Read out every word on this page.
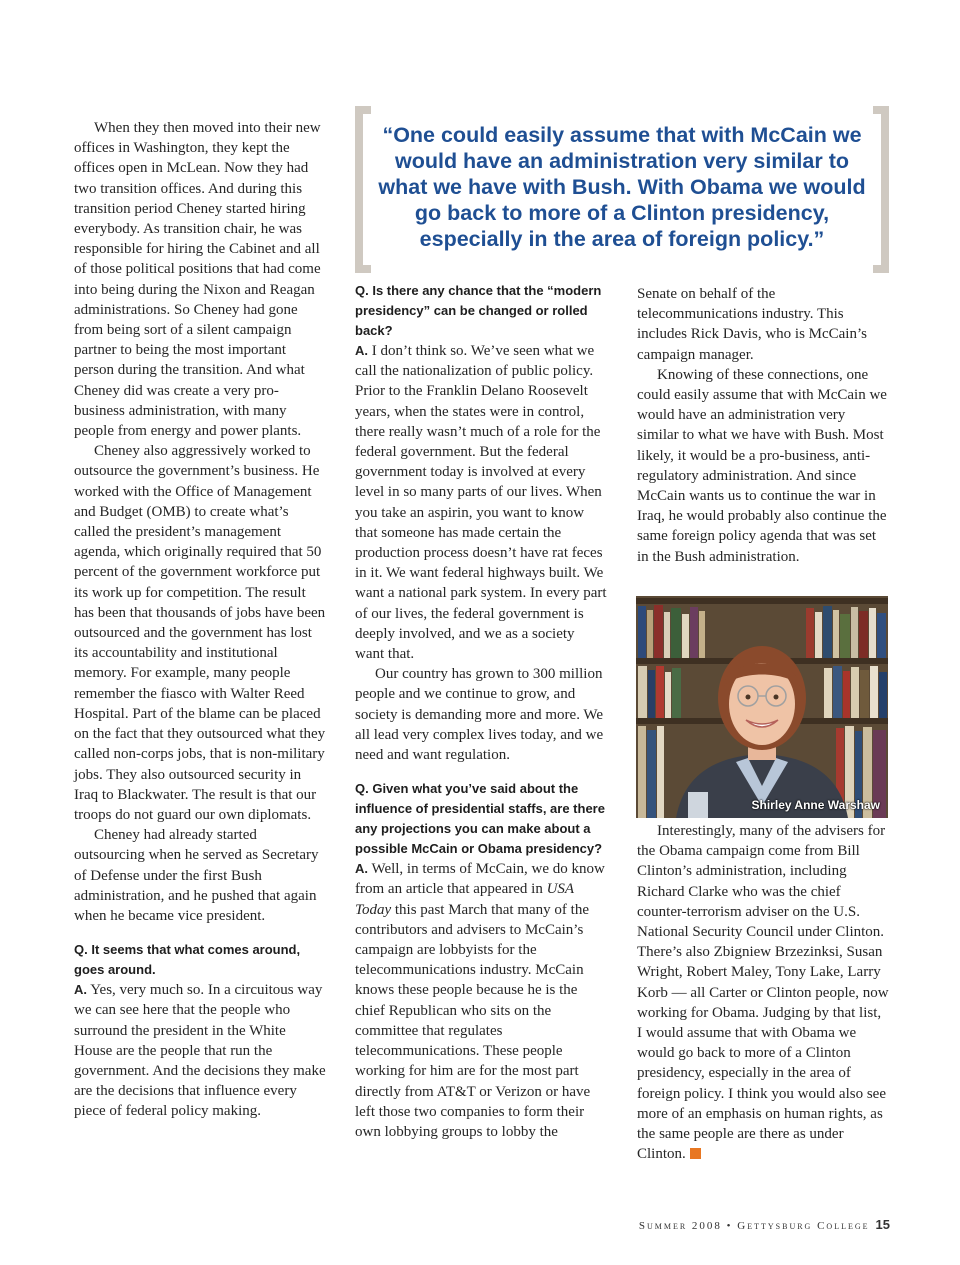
“One could easily assume that with McCain we would have an administration very similar to what we have with Bush. With Obama we would go back to more of a Clinton presidency, especially in the area of foreign policy.”

When they then moved into their new offices in Washington, they kept the offices open in McLean. Now they had two transition offices. And during this transition period Cheney started hiring everybody. As transition chair, he was responsible for hiring the Cabinet and all of those political positions that had come into being during the Nixon and Reagan administrations. So Cheney had gone from being sort of a silent campaign partner to being the most important person during the transition. And what Cheney did was create a very pro-business administration, with many people from energy and power plants.

Cheney also aggressively worked to outsource the government’s business. He worked with the Office of Management and Budget (OMB) to create what’s called the president’s management agenda, which originally required that 50 percent of the government workforce put its work up for competition. The result has been that thousands of jobs have been outsourced and the government has lost its accountability and institutional memory. For example, many people remember the fiasco with Walter Reed Hospital. Part of the blame can be placed on the fact that they outsourced what they called non-corps jobs, that is non-military jobs. They also outsourced security in Iraq to Blackwater. The result is that our troops do not guard our own diplomats.

Cheney had already started outsourcing when he served as Secretary of Defense under the first Bush administration, and he pushed that again when he became vice president.

Q. It seems that what comes around, goes around.

A. Yes, very much so. In a circuitous way we can see here that the people who surround the president in the White House are the people that run the government. And the decisions they make are the decisions that influence every piece of federal policy making.

Q. Is there any chance that the “modern presidency” can be changed or rolled back?

A. I don’t think so. We’ve seen what we call the nationalization of public policy. Prior to the Franklin Delano Roosevelt years, when the states were in control, there really wasn’t much of a role for the federal government. But the federal government today is involved at every level in so many parts of our lives. When you take an aspirin, you want to know that someone has made certain the production process doesn’t have rat feces in it. We want federal highways built. We want a national park system. In every part of our lives, the federal government is deeply involved, and we as a society want that.

Our country has grown to 300 million people and we continue to grow, and society is demanding more and more. We all lead very complex lives today, and we need and want regulation.

Q. Given what you’ve said about the influence of presidential staffs, are there any projections you can make about a possible McCain or Obama presidency?

A. Well, in terms of McCain, we do know from an article that appeared in USA Today this past March that many of the contributors and advisers to McCain’s campaign are lobbyists for the telecommunications industry. McCain knows these people because he is the chief Republican who sits on the committee that regulates telecommunications. These people working for him are for the most part directly from AT&T or Verizon or have left those two companies to form their own lobbying groups to lobby the

Senate on behalf of the telecommunications industry. This includes Rick Davis, who is McCain’s campaign manager.

Knowing of these connections, one could easily assume that with McCain we would have an administration very similar to what we have with Bush. Most likely, it would be a pro-business, anti-regulatory administration. And since McCain wants us to continue the war in Iraq, he would probably also continue the same foreign policy agenda that was set in the Bush administration.

Shirley Anne Warshaw

Interestingly, many of the advisers for the Obama campaign come from Bill Clinton’s administration, including Richard Clarke who was the chief counter-terrorism adviser on the U.S. National Security Council under Clinton. There’s also Zbigniew Brzezinksi, Susan Wright, Robert Maley, Tony Lake, Larry Korb — all Carter or Clinton people, now working for Obama. Judging by that list, I would assume that with Obama we would go back to more of a Clinton presidency, especially in the area of foreign policy. I think you would also see more of an emphasis on human rights, as the same people are there as under Clinton.

Summer 2008 • Gettysburg College 15
